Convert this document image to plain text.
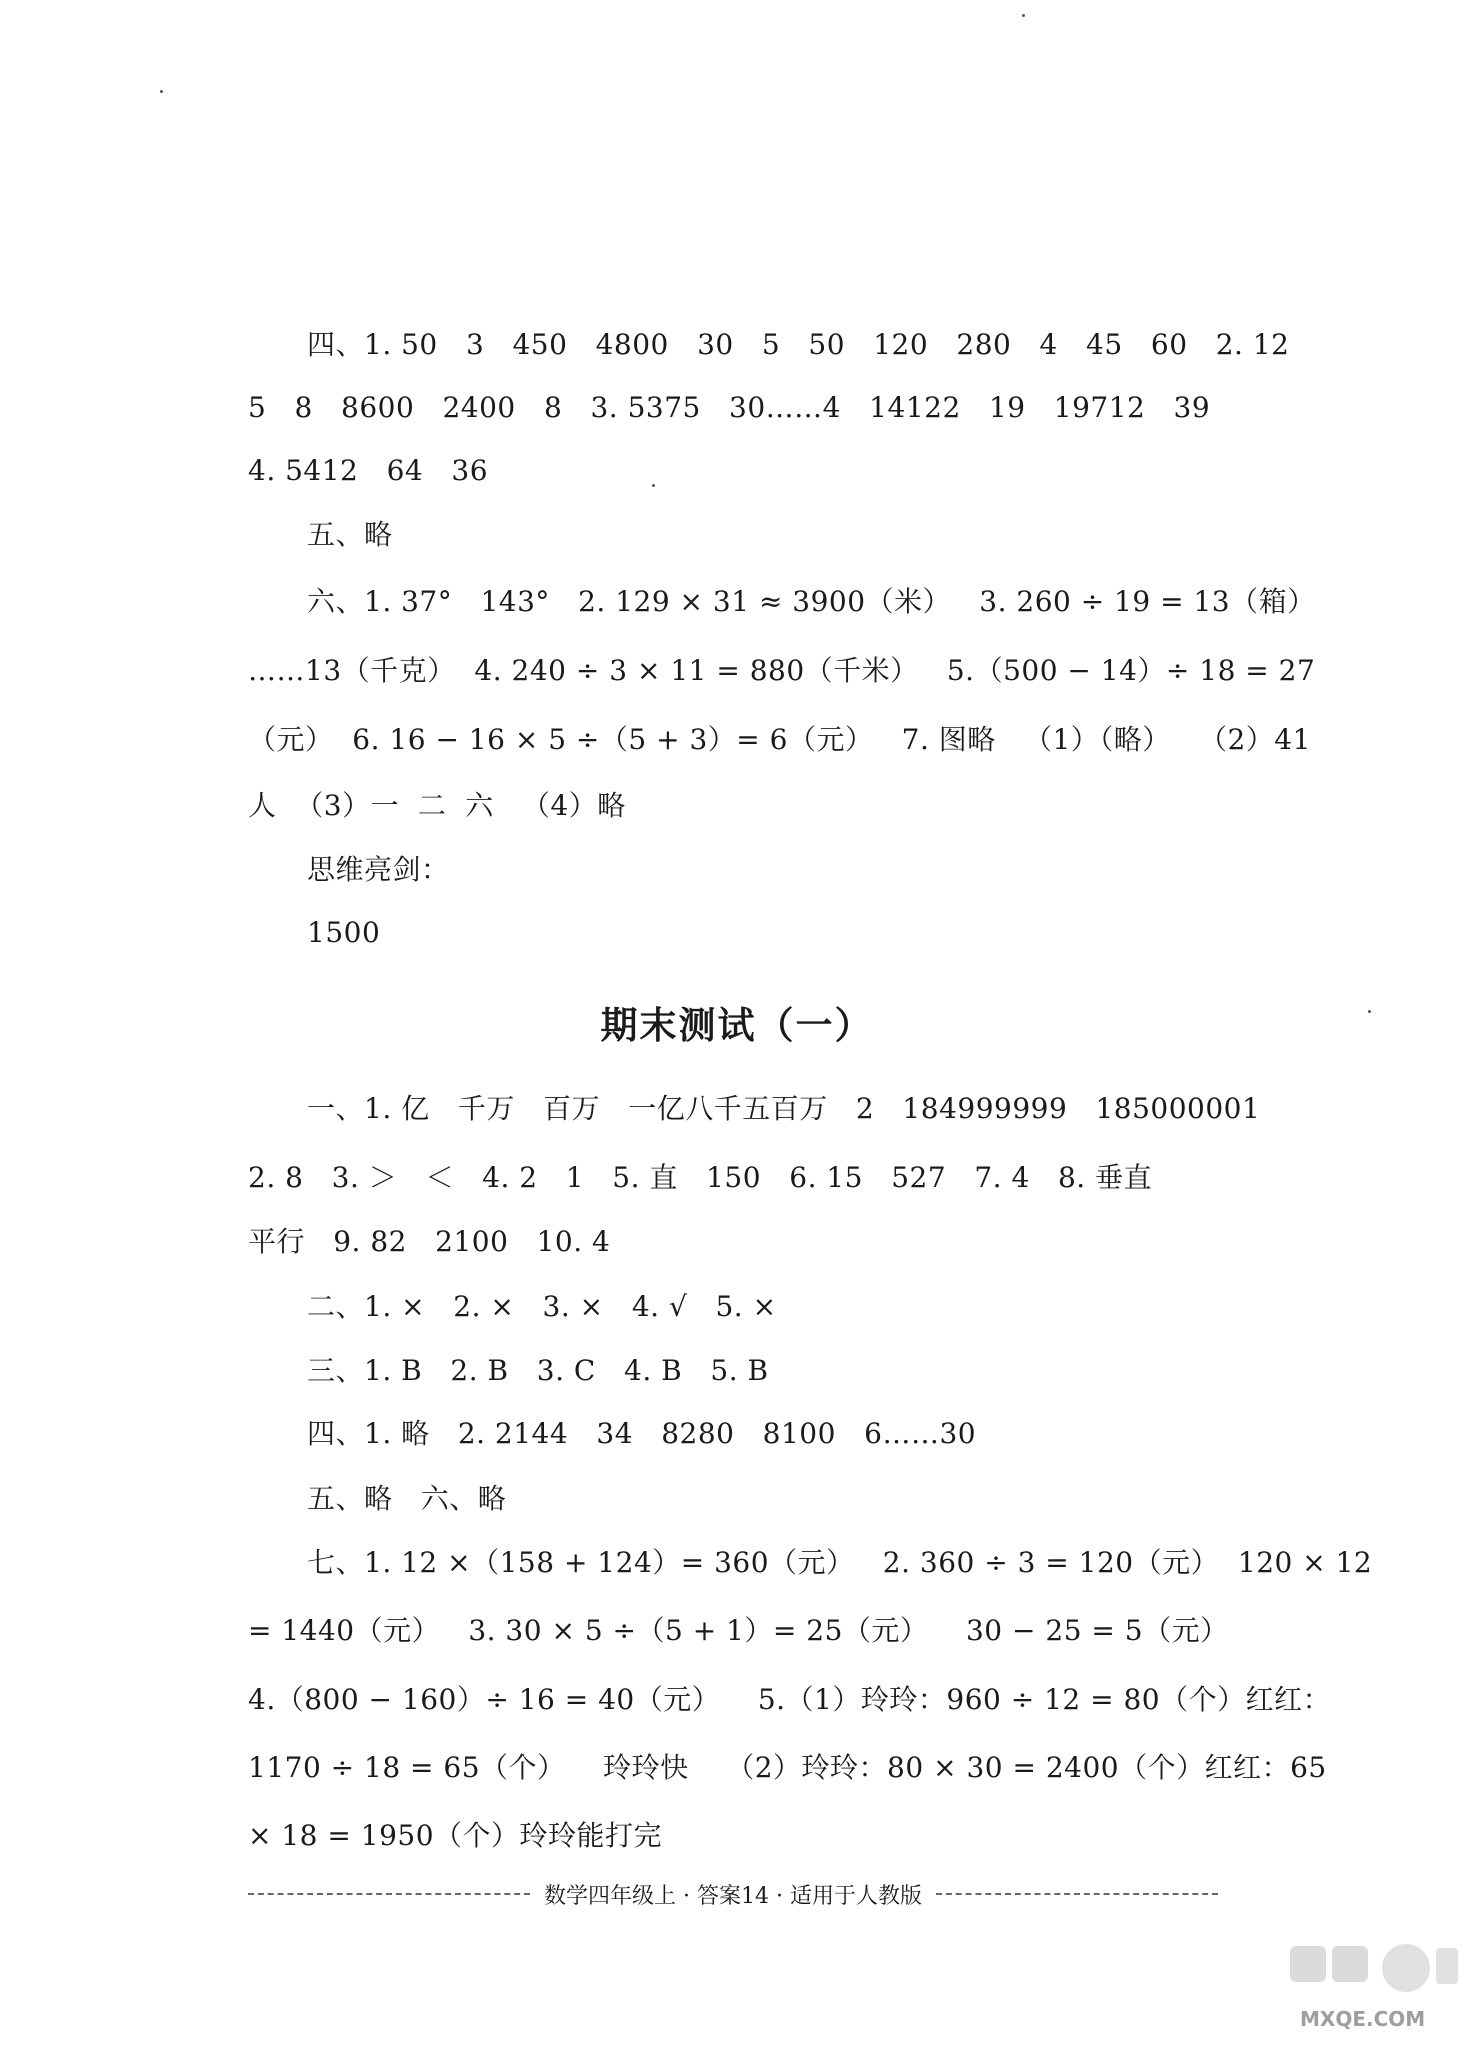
四、1. 50   3   450   4800   30   5   50   120   280   4   45   60   2. 12
5   8   8600   2400   8   3. 5375   30……4   14122   19   19712   39
4. 5412   64   36
五、略
六、1. 37°   143°   2. 129 × 31 ≈ 3900（米）   3. 260 ÷ 19 = 13（箱）
……13（千克）  4. 240 ÷ 3 × 11 = 880（千米）   5.（500 − 14）÷ 18 = 27
（元）  6. 16 − 16 × 5 ÷（5 + 3）= 6（元）   7. 图略   （1）（略）   （2）41
人  （3）一  二  六   （4）略
思维亮剑：
1500
期末测试（一）
一、1. 亿   千万   百万   一亿八千五百万   2   184999999   185000001
2. 8   3. ＞   ＜   4. 2   1   5. 直   150   6. 15   527   7. 4   8. 垂直
平行   9. 82   2100   10. 4
二、1. ×   2. ×   3. ×   4. √   5. ×
三、1. B   2. B   3. C   4. B   5. B
四、1. 略   2. 2144   34   8280   8100   6……30
五、略   六、略
七、1. 12 ×（158 + 124）= 360（元）   2. 360 ÷ 3 = 120（元）  120 × 12
= 1440（元）   3. 30 × 5 ÷（5 + 1）= 25（元）    30 − 25 = 5（元）
4.（800 − 160）÷ 16 = 40（元）    5.（1）玲玲：960 ÷ 12 = 80（个）红红：
1170 ÷ 18 = 65（个）    玲玲快    （2）玲玲：80 × 30 = 2400（个）红红：65
× 18 = 1950（个）玲玲能打完
数学四年级上 · 答案14 · 适用于人教版
MXQE.COM
